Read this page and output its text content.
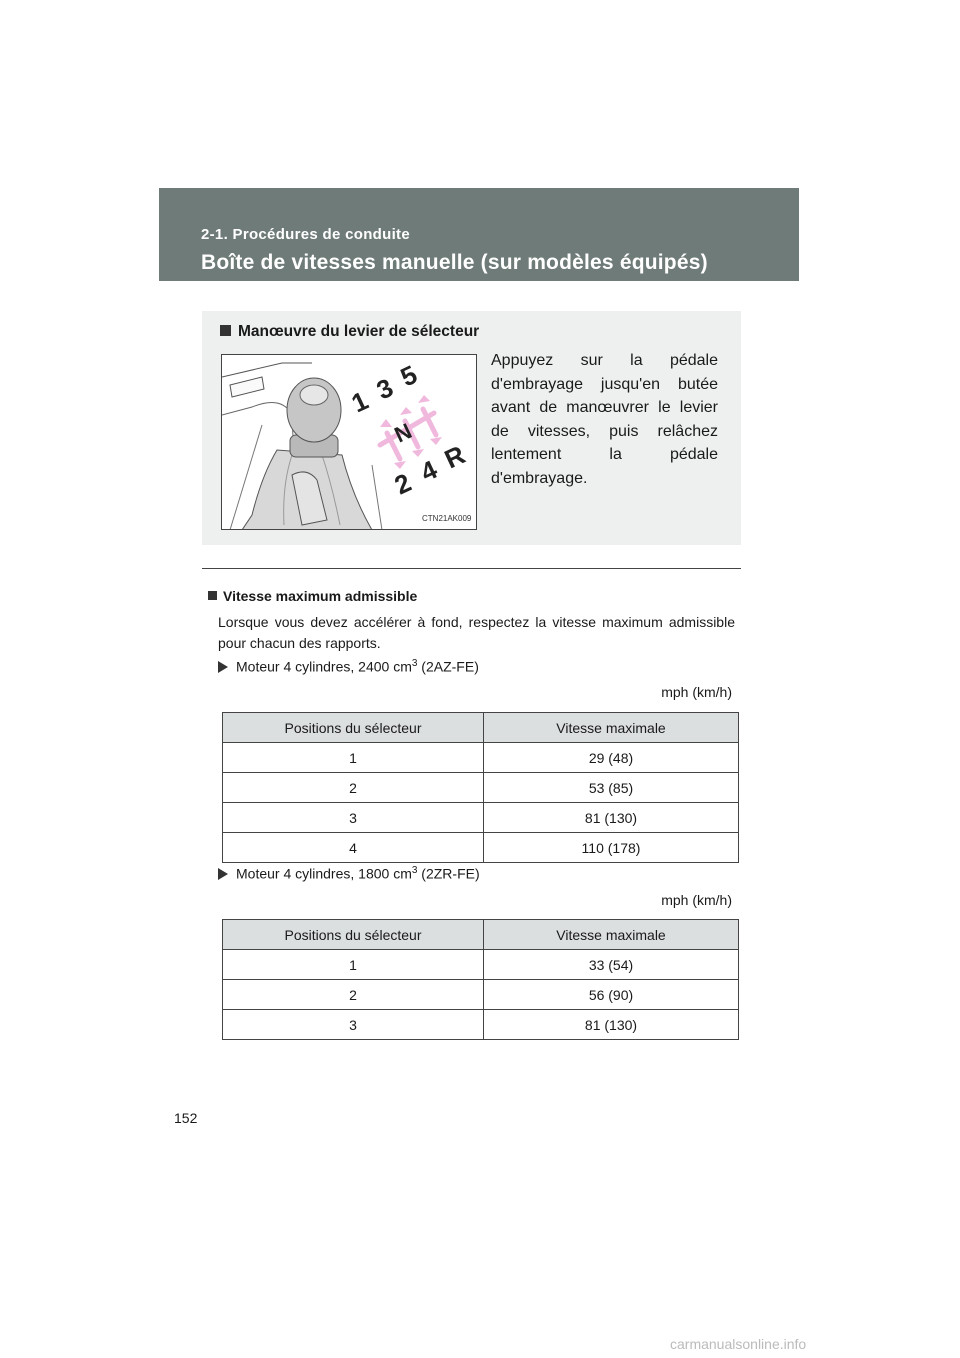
2-1. Procédures de conduite
Boîte de vitesses manuelle (sur modèles équipés)
Manœuvre du levier de sélecteur
1 3
5
N
2 4
R
CTN21AK009
Appuyez sur la pédale d'embrayage jusqu'en butée avant de manœuvrer le levier de vitesses, puis relâchez lentement la pédale d'embrayage.
Vitesse maximum admissible
Lorsque vous devez accélérer à fond, respectez la vitesse maximum admissible pour chacun des rapports.
Moteur 4 cylindres, 2400 $cm^3$ (2AZ-FE)
mph (km/h)
Positions du sélecteur	Vitesse maximale
1	29 (48)
2	53 (85)
3	81 (130)
4	110 (178)
Moteur 4 cylindres, 1800 $cm^3$ (2ZR-FE)
mph (km/h)
Positions du sélecteur	Vitesse maximale
1	33 (54)
2	56 (90)
3	81 (130)
152
carmanualsonline.info
